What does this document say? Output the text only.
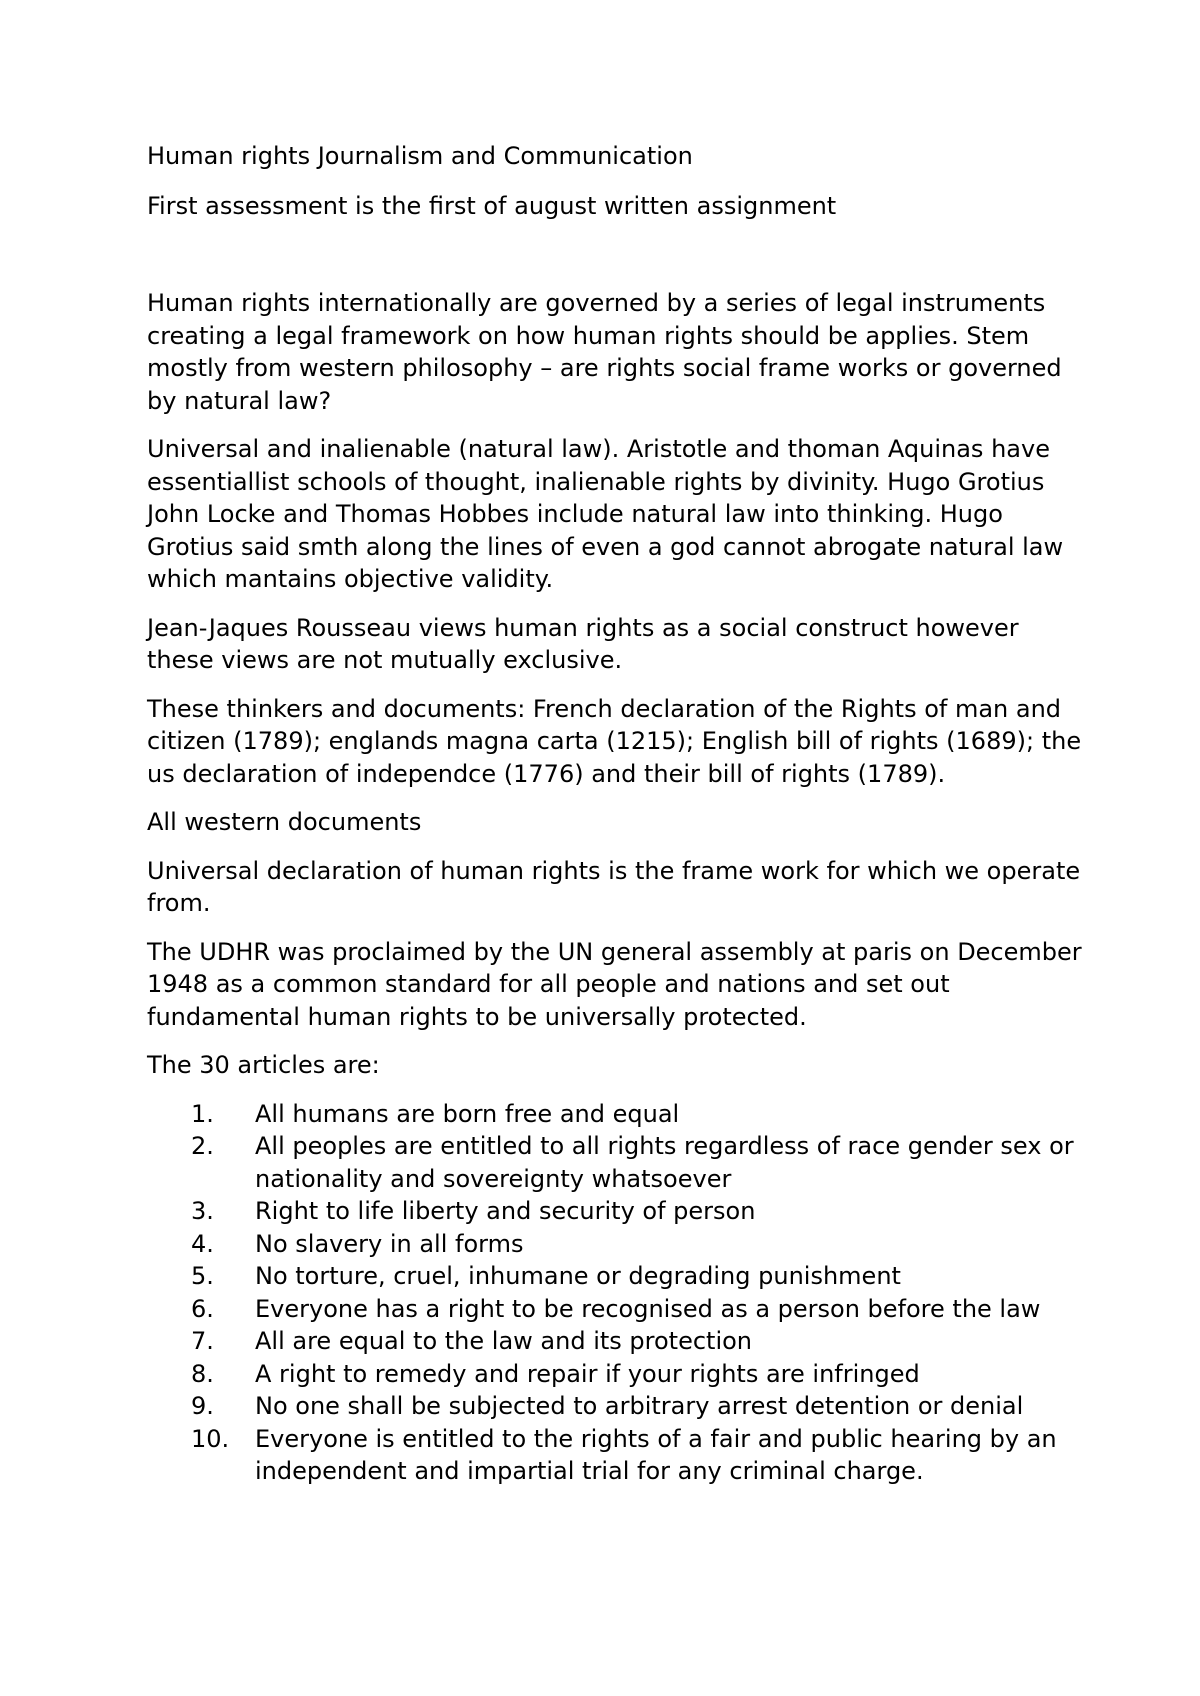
Human rights Journalism and Communication

First assessment is the first of august written assignment

Human rights internationally are governed by a series of legal instruments creating a legal framework on how human rights should be applies. Stem mostly from western philosophy – are rights social frame works or governed by natural law?

Universal and inalienable (natural law). Aristotle and thoman Aquinas have essentiallist schools of thought, inalienable rights by divinity. Hugo Grotius John Locke and Thomas Hobbes include natural law into thinking. Hugo Grotius said smth along the lines of even a god cannot abrogate natural law which mantains objective validity.

Jean-Jaques Rousseau views human rights as a social construct however these views are not mutually exclusive.

These thinkers and documents: French declaration of the Rights of man and citizen (1789); englands magna carta (1215); English bill of rights (1689); the us declaration of independce (1776) and their bill of rights (1789).

All western documents

Universal declaration of human rights is the frame work for which we operate from.

The UDHR was proclaimed by the UN general assembly at paris on December 1948 as a common standard for all people and nations and set out fundamental human rights to be universally protected.

The 30 articles are:

1. All humans are born free and equal
2. All peoples are entitled to all rights regardless of race gender sex or nationality and sovereignty whatsoever
3. Right to life liberty and security of person
4. No slavery in all forms
5. No torture, cruel, inhumane or degrading punishment
6. Everyone has a right to be recognised as a person before the law
7. All are equal to the law and its protection
8. A right to remedy and repair if your rights are infringed
9. No one shall be subjected to arbitrary arrest detention or denial
10. Everyone is entitled to the rights of a fair and public hearing by an independent and impartial trial for any criminal charge.
